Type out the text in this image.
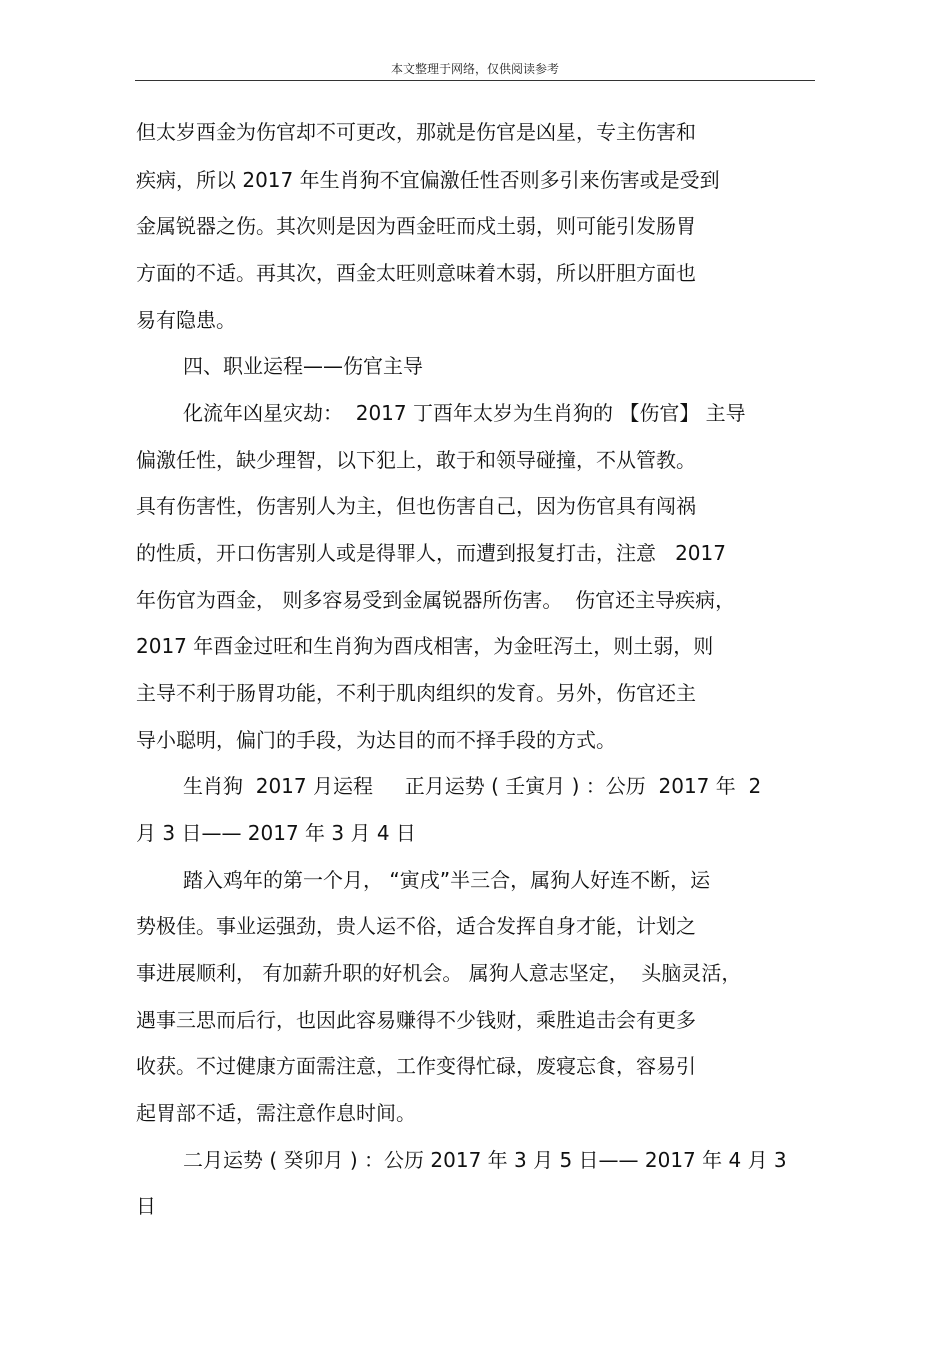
本文整理于网络，仅供阅读参考
但太岁酉金为伤官却不可更改，那就是伤官是凶星，专主伤害和
疾病，所以 2017 年生肖狗不宜偏激任性否则多引来伤害或是受到
金属锐器之伤。其次则是因为酉金旺而戍土弱，则可能引发肠胃
方面的不适。再其次，酉金太旺则意味着木弱，所以肝胆方面也
易有隐患。
四、职业运程——伤官主导
化流年凶星灾劫：  2017 丁酉年太岁为生肖狗的 【伤官】 主导
偏激任性，缺少理智，以下犯上，敢于和领导碰撞，不从管教。
具有伤害性，伤害别人为主，但也伤害自己，因为伤官具有闯祸
的性质，开口伤害别人或是得罪人，而遭到报复打击，注意   2017
年伤官为酉金， 则多容易受到金属锐器所伤害。  伤官还主导疾病，
2017 年酉金过旺和生肖狗为酉戌相害，为金旺泻土，则土弱，则
主导不利于肠胃功能，不利于肌肉组织的发育。另外，伤官还主
导小聪明，偏门的手段，为达目的而不择手段的方式。
生肖狗  2017 月运程     正月运势 ( 壬寅月 ) ：公历  2017 年  2
月 3 日—— 2017 年 3 月 4 日
踏入鸡年的第一个月， “寅戌”半三合，属狗人好连不断，运
势极佳。事业运强劲，贵人运不俗，适合发挥自身才能，计划之
事进展顺利， 有加薪升职的好机会。 属狗人意志坚定，  头脑灵活，
遇事三思而后行，也因此容易赚得不少钱财，乘胜追击会有更多
收获。不过健康方面需注意，工作变得忙碌，废寝忘食，容易引
起胃部不适，需注意作息时间。
二月运势 ( 癸卯月 ) ：公历 2017 年 3 月 5 日—— 2017 年 4 月 3
日
